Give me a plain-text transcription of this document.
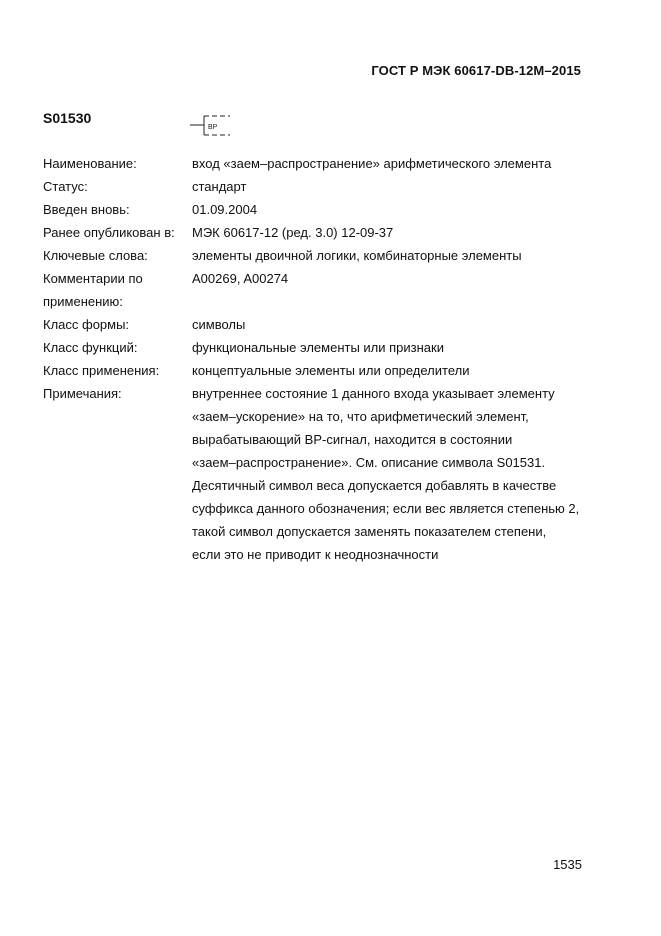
ГОСТ Р МЭК 60617-DB-12M–2015
S01530
BP
Наименование:	вход «заем–распространение» арифметического элемента
Статус:	стандарт
Введен вновь:	01.09.2004
Ранее опубликован в:	МЭК 60617-12 (ред. 3.0) 12-09-37
Ключевые слова:	элементы двоичной логики, комбинаторные элементы
Комментарии по применению:
A00269, A00274
Класс формы:	символы
Класс функций:	функциональные элементы или признаки
Класс применения:	концептуальные элементы или определители
Примечания:	внутреннее состояние 1 данного входа указывает элементу
«заем–ускорение» на то, что арифметический элемент,
вырабатывающий BP-сигнал, находится в состоянии
«заем–распространение». См. описание символа S01531.
Десятичный символ веса допускается добавлять в качестве
суффикса данного обозначения; если вес является степенью 2,
такой символ допускается заменять показателем степени,
если это не приводит к неоднозначности
1535
